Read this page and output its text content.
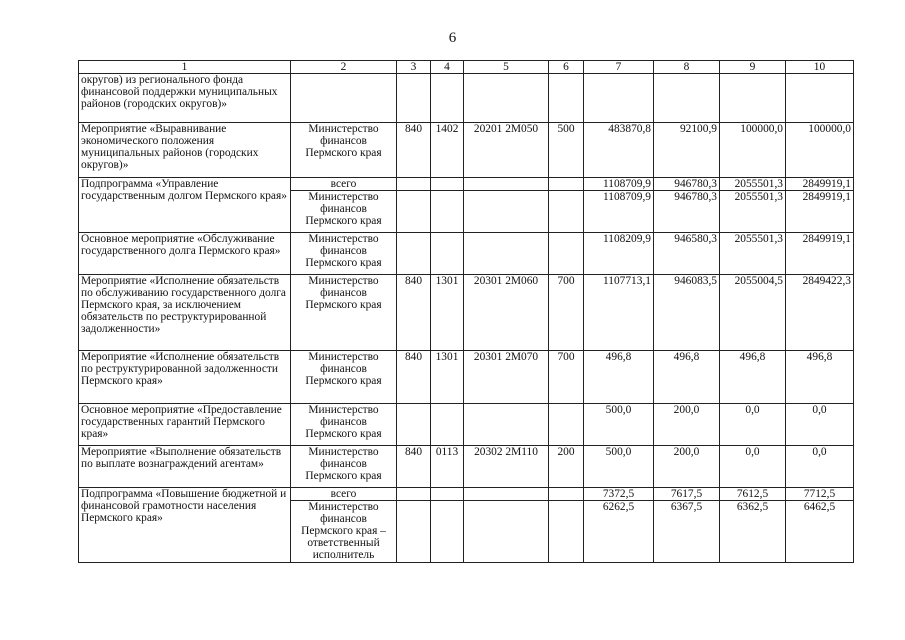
6
1	2	3	4	5	6	7	8	9	10
округов) из регионального фонда финансовой поддержки муниципальных районов (городских округов)»									
Мероприятие «Выравнивание экономического положения муниципальных районов (городских округов)»	Министерство финансов Пермского края	840	1402	20201 2М050	500	483870,8	92100,9	100000,0	100000,0
Подпрограмма «Управление государственным долгом Пермского края»	всего					1108709,9	946780,3	2055501,3	2849919,1
	Министерство финансов Пермского края					1108709,9	946780,3	2055501,3	2849919,1
Основное мероприятие «Обслуживание государственного долга Пермского края»	Министерство финансов Пермского края					1108209,9	946580,3	2055501,3	2849919,1
Мероприятие «Исполнение обязательств по обслуживанию государственного долга Пермского края, за исключением обязательств по реструктурированной задолженности»	Министерство финансов Пермского края	840	1301	20301 2М060	700	1107713,1	946083,5	2055004,5	2849422,3
Мероприятие «Исполнение обязательств по реструктурированной задолженности Пермского края»	Министерство финансов Пермского края	840	1301	20301 2М070	700	496,8	496,8	496,8	496,8
Основное мероприятие «Предоставление государственных гарантий Пермского края»	Министерство финансов Пермского края					500,0	200,0	0,0	0,0
Мероприятие «Выполнение обязательств по выплате вознаграждений агентам»	Министерство финансов Пермского края	840	0113	20302 2М110	200	500,0	200,0	0,0	0,0
Подпрограмма «Повышение бюджетной и финансовой грамотности населения Пермского края»	всего					7372,5	7617,5	7612,5	7712,5
	Министерство финансов Пермского края – ответственный исполнитель					6262,5	6367,5	6362,5	6462,5
